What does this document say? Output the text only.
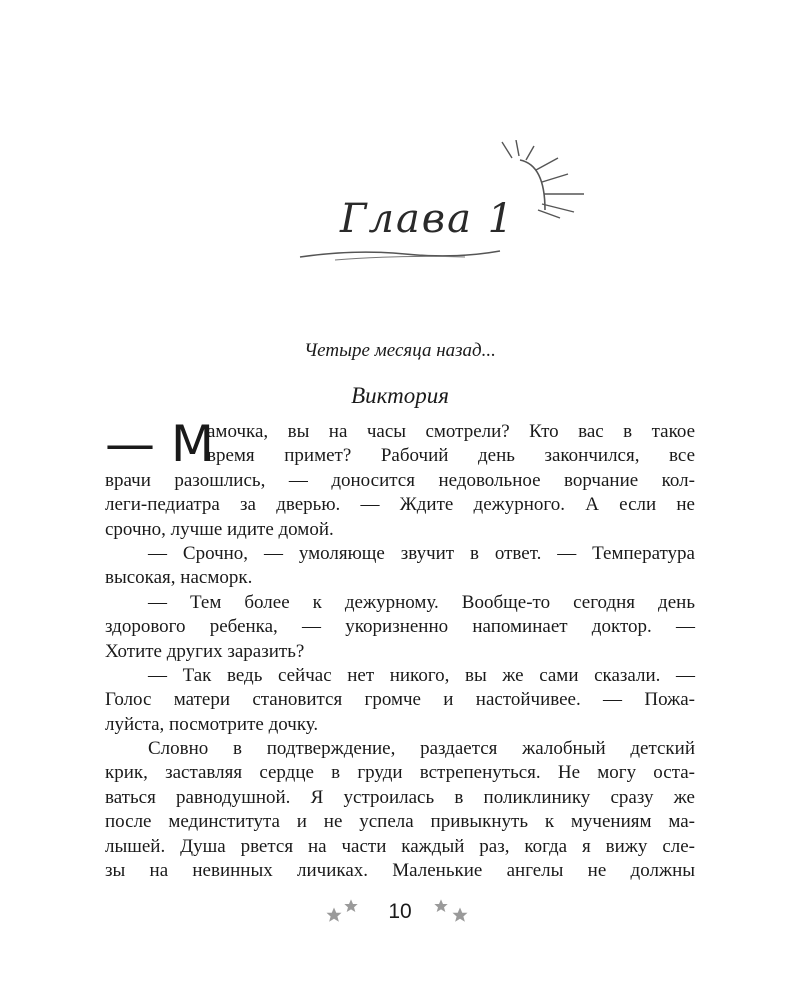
Глава 1
Четыре месяца назад...
Виктория
— М
амочка, вы на часы смотрели? Кто вас в такое
время примет? Рабочий день закончился, все
врачи разошлись, — доносится недовольное ворчание кол-
леги-педиатра за дверью. — Ждите дежурного. А если не
срочно, лучше идите домой.
— Срочно, — умоляюще звучит в ответ. — Температура
высокая, насморк.
— Тем более к дежурному. Вообще-то сегодня день
здорового ребенка, — укоризненно напоминает доктор. —
Хотите других заразить?
— Так ведь сейчас нет никого, вы же сами сказали. —
Голос матери становится громче и настойчивее. — Пожа-
луйста, посмотрите дочку.
Словно в подтверждение, раздается жалобный детский
крик, заставляя сердце в груди встрепенуться. Не могу оста-
ваться равнодушной. Я устроилась в поликлинику сразу же
после мединститута и не успела привыкнуть к мучениям ма-
лышей. Душа рвется на части каждый раз, когда я вижу сле-
зы на невинных личиках. Маленькие ангелы не должны
10
